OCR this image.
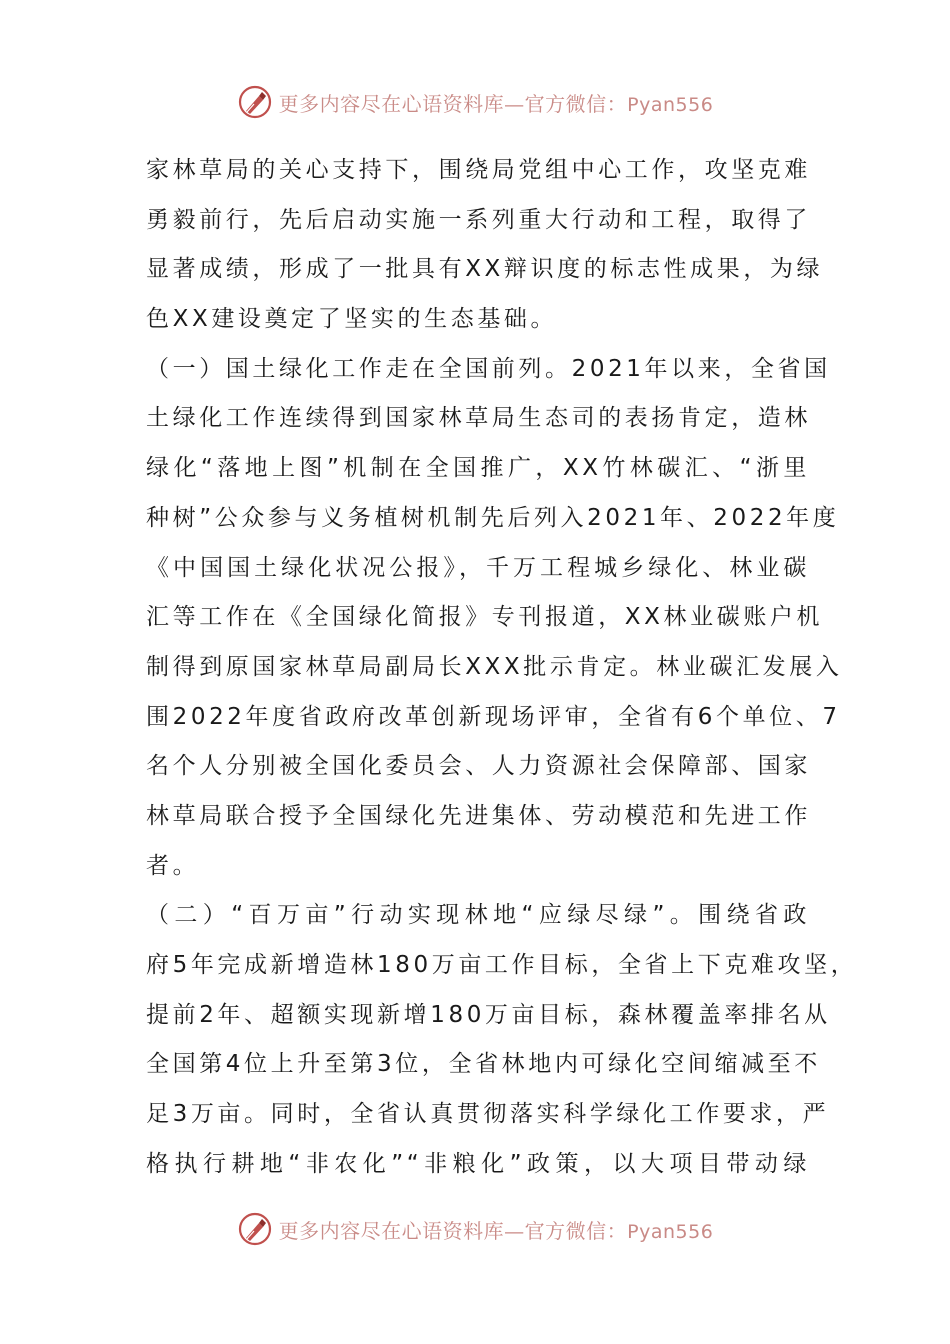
更多内容尽在心语资料库—官方微信：Pyan556
家林草局的关心支持下，围绕局党组中心工作，攻坚克难
勇毅前行，先后启动实施一系列重大行动和工程，取得了
显著成绩，形成了一批具有XX辩识度的标志性成果，为绿
色XX建设奠定了坚实的生态基础。
（一）国土绿化工作走在全国前列。2021年以来，全省国
土绿化工作连续得到国家林草局生态司的表扬肯定，造林
绿化“落地上图”机制在全国推广，XX竹林碳汇、“浙里
种树”公众参与义务植树机制先后列入2021年、2022年度
《中国国土绿化状况公报》，千万工程城乡绿化、林业碳
汇等工作在《全国绿化简报》专刊报道，XX林业碳账户机
制得到原国家林草局副局长XXX批示肯定。林业碳汇发展入
围2022年度省政府改革创新现场评审，全省有6个单位、7
名个人分别被全国化委员会、人力资源社会保障部、国家
林草局联合授予全国绿化先进集体、劳动模范和先进工作
者。
（二）“百万亩”行动实现林地“应绿尽绿”。围绕省政
府5年完成新增造林180万亩工作目标，全省上下克难攻坚，
提前2年、超额实现新增180万亩目标，森林覆盖率排名从
全国第4位上升至第3位，全省林地内可绿化空间缩减至不
足3万亩。同时，全省认真贯彻落实科学绿化工作要求，严
格执行耕地“非农化”“非粮化”政策，以大项目带动绿
更多内容尽在心语资料库—官方微信：Pyan556
